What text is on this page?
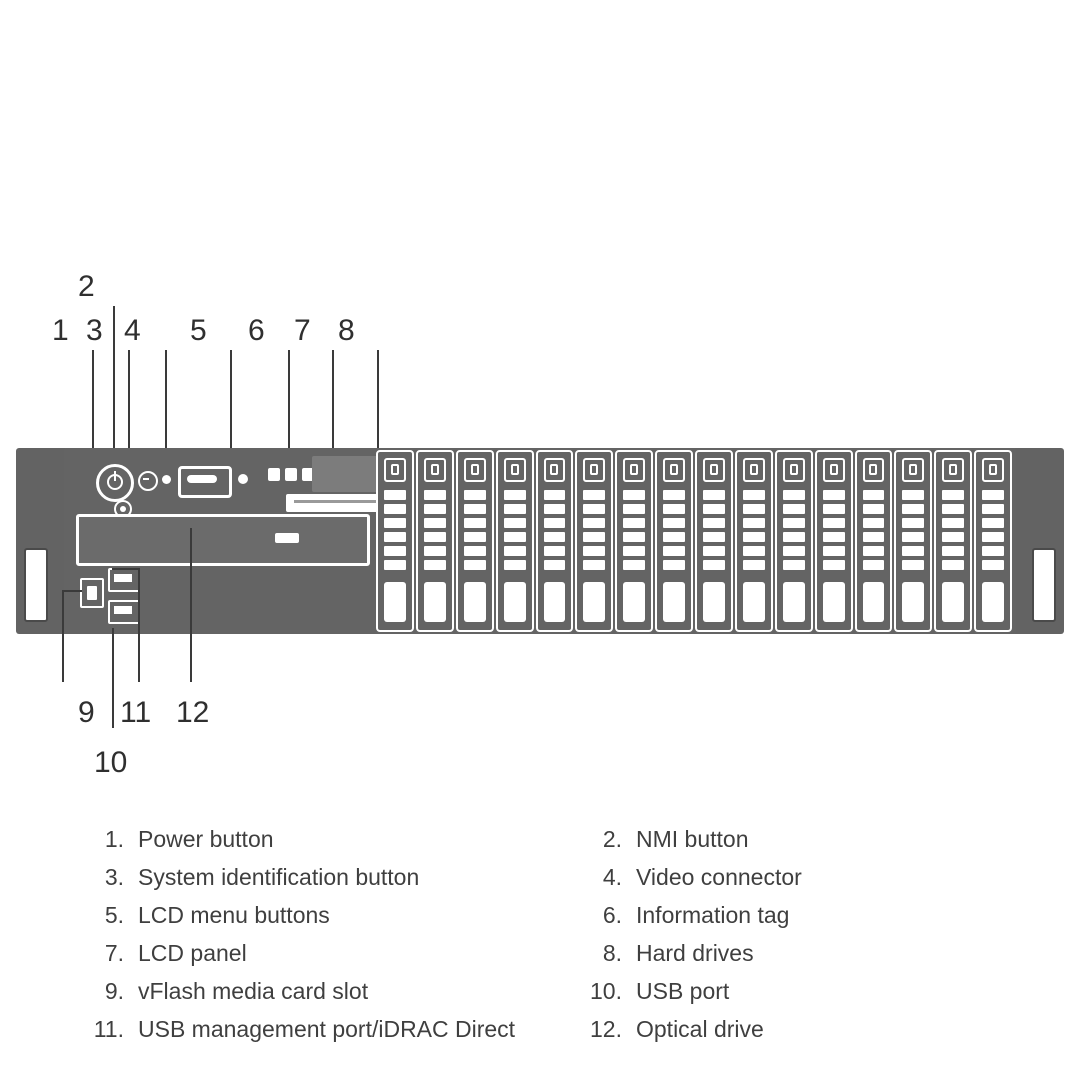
2
1 3 4 5 6 7 8
9
10
11 12
1. Power button
3. System identification button
5. LCD menu buttons
7. LCD panel
9. vFlash media card slot
11. USB management port/iDRAC Direct
2. NMI button
4. Video connector
6. Information tag
8. Hard drives
10. USB port
12. Optical drive
